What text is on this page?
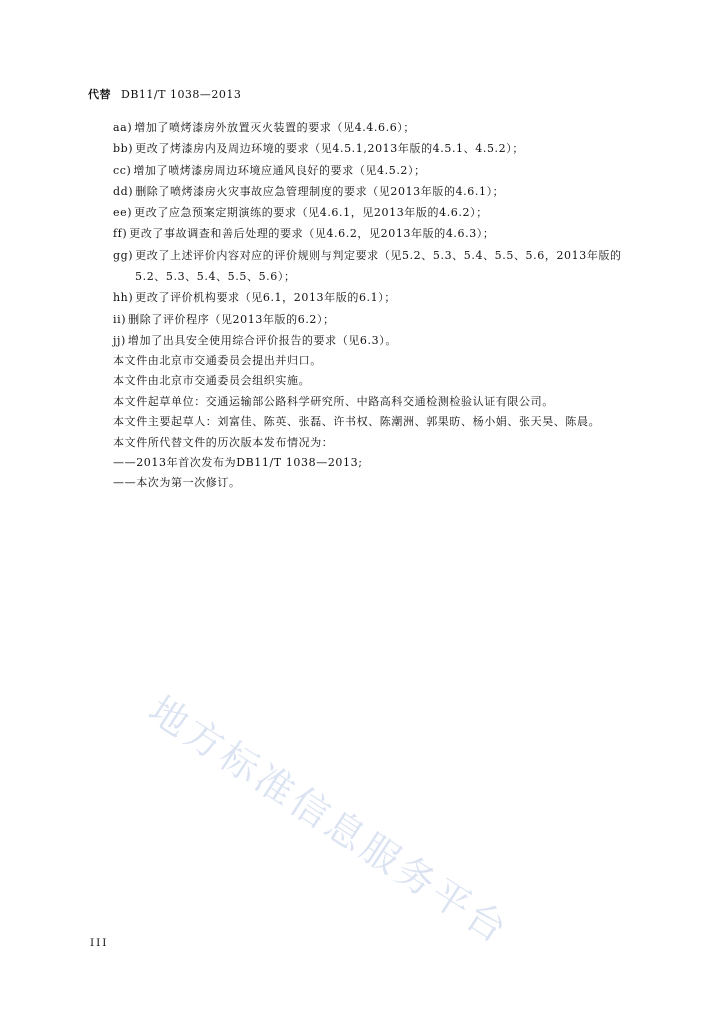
代替 DB11/T 1038—2013
aa) 增加了喷烤漆房外放置灭火装置的要求（见4.4.6.6）；
bb) 更改了烤漆房内及周边环境的要求（见4.5.1,2013年版的4.5.1、4.5.2）；
cc) 增加了喷烤漆房周边环境应通风良好的要求（见4.5.2）；
dd) 删除了喷烤漆房火灾事故应急管理制度的要求（见2013年版的4.6.1）；
ee) 更改了应急预案定期演练的要求（见4.6.1，见2013年版的4.6.2）；
ff) 更改了事故调查和善后处理的要求（见4.6.2，见2013年版的4.6.3）；
gg) 更改了上述评价内容对应的评价规则与判定要求（见5.2、5.3、5.4、5.5、5.6，2013年版的
5.2、5.3、5.4、5.5、5.6）；
hh) 更改了评价机构要求（见6.1，2013年版的6.1）；
ii) 删除了评价程序（见2013年版的6.2）；
jj) 增加了出具安全使用综合评价报告的要求（见6.3）。
本文件由北京市交通委员会提出并归口。
本文件由北京市交通委员会组织实施。
本文件起草单位：交通运输部公路科学研究所、中路高科交通检测检验认证有限公司。
本文件主要起草人：刘富佳、陈英、张磊、许书权、陈潮洲、郭果昉、杨小娟、张天昊、陈晨。
本文件所代替文件的历次版本发布情况为：
——2013年首次发布为DB11/T 1038—2013;
——本次为第一次修订。
地方标准信息服务平台
III
